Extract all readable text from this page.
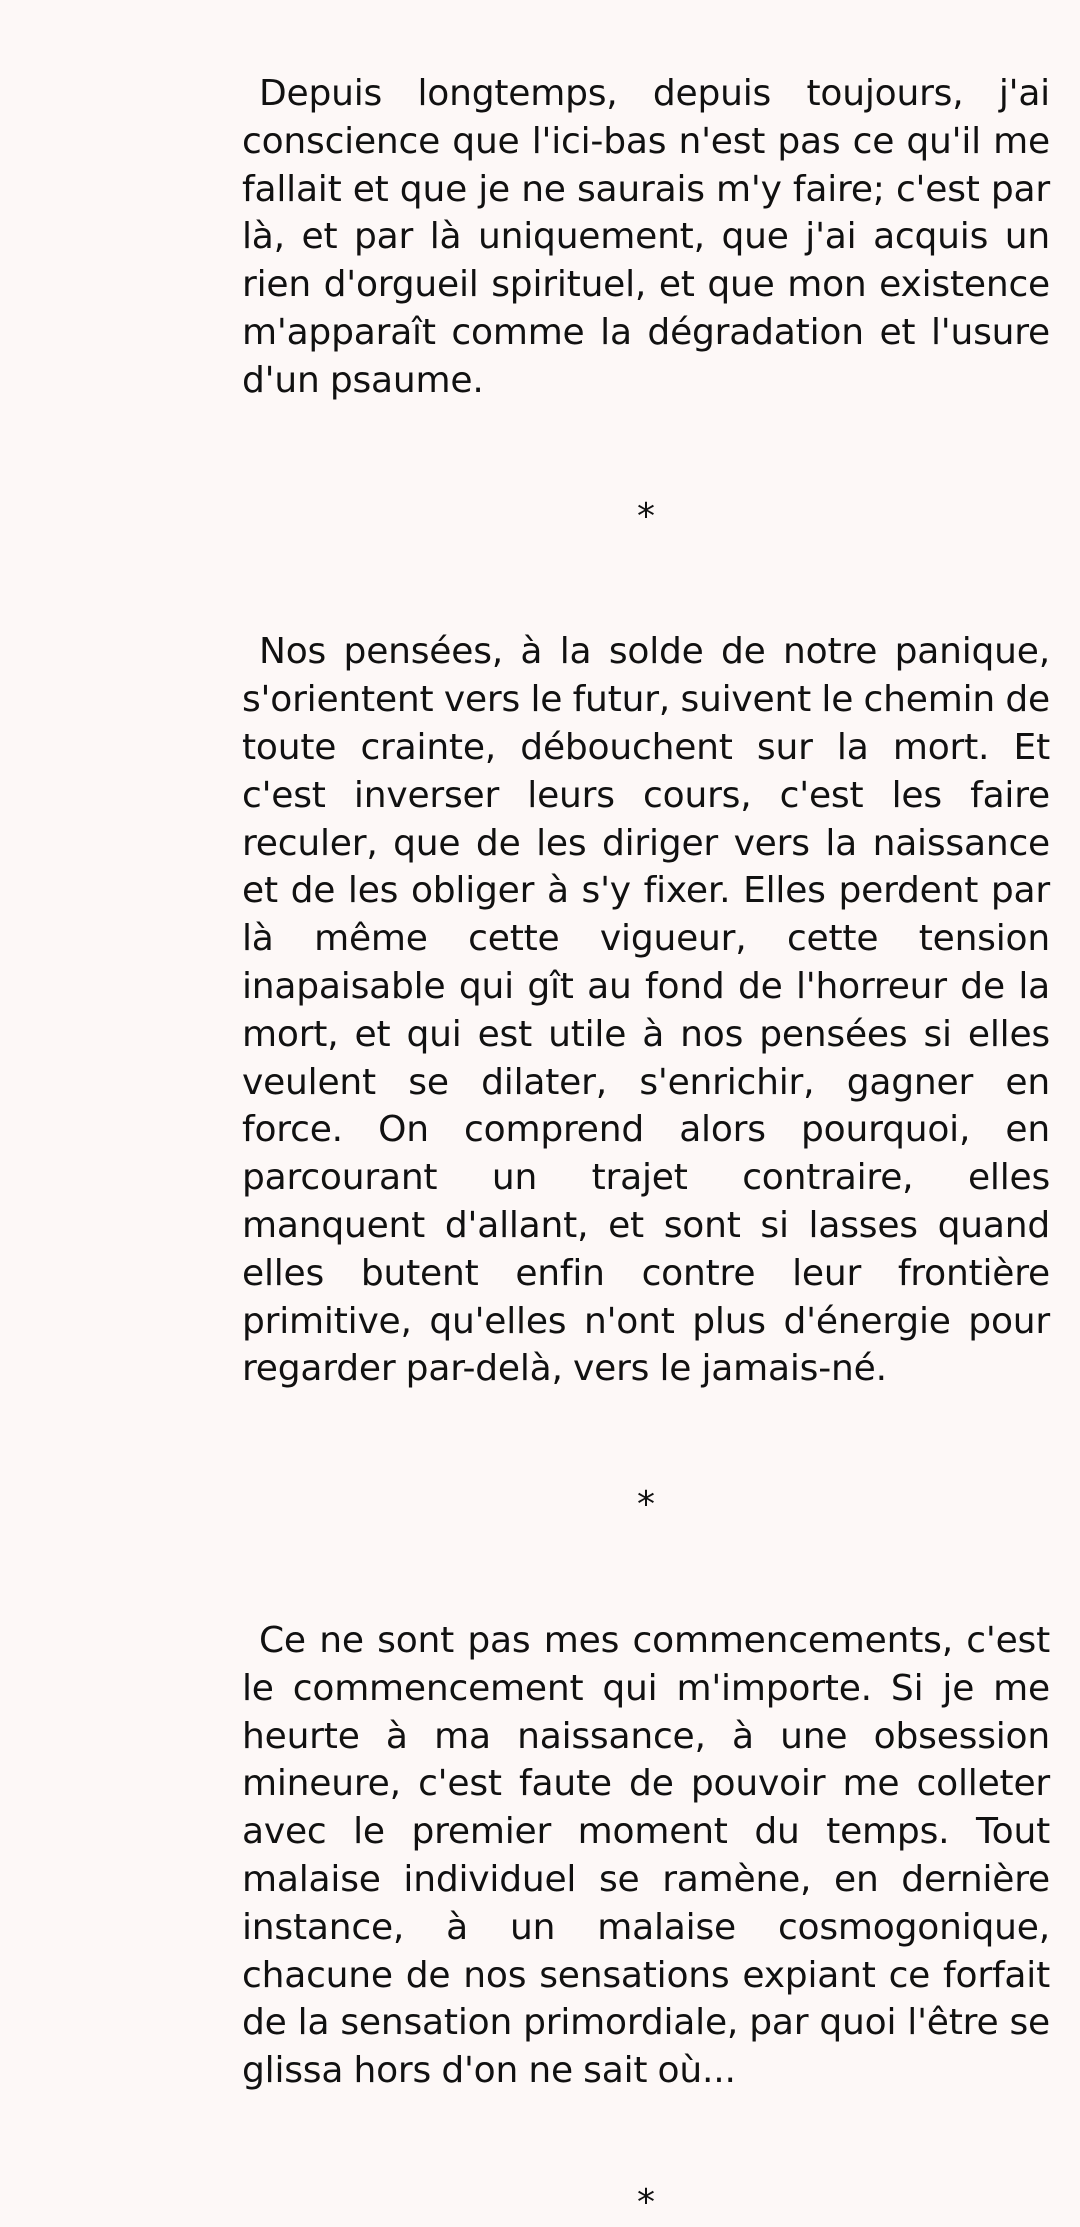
Depuis longtemps, depuis toujours, j'ai conscience que l'ici-bas n'est pas ce qu'il me fallait et que je ne saurais m'y faire; c'est par là, et par là uniquement, que j'ai acquis un rien d'orgueil spirituel, et que mon existence m'apparaît comme la dégradation et l'usure d'un psaume.

*

Nos pensées, à la solde de notre panique, s'orientent vers le futur, suivent le chemin de toute crainte, débouchent sur la mort. Et c'est inverser leurs cours, c'est les faire reculer, que de les diriger vers la naissance et de les obliger à s'y fixer. Elles perdent par là même cette vigueur, cette tension inapaisable qui gît au fond de l'horreur de la mort, et qui est utile à nos pensées si elles veulent se dilater, s'enrichir, gagner en force. On comprend alors pourquoi, en parcourant un trajet contraire, elles manquent d'allant, et sont si lasses quand elles butent enfin contre leur frontière primitive, qu'elles n'ont plus d'énergie pour regarder par-delà, vers le jamais-né.

*

Ce ne sont pas mes commencements, c'est le commencement qui m'importe. Si je me heurte à ma naissance, à une obsession mineure, c'est faute de pouvoir me colleter avec le premier moment du temps. Tout malaise individuel se ramène, en dernière instance, à un malaise cosmogonique, chacune de nos sensations expiant ce forfait de la sensation primordiale, par quoi l'être se glissa hors d'on ne sait où...

*
